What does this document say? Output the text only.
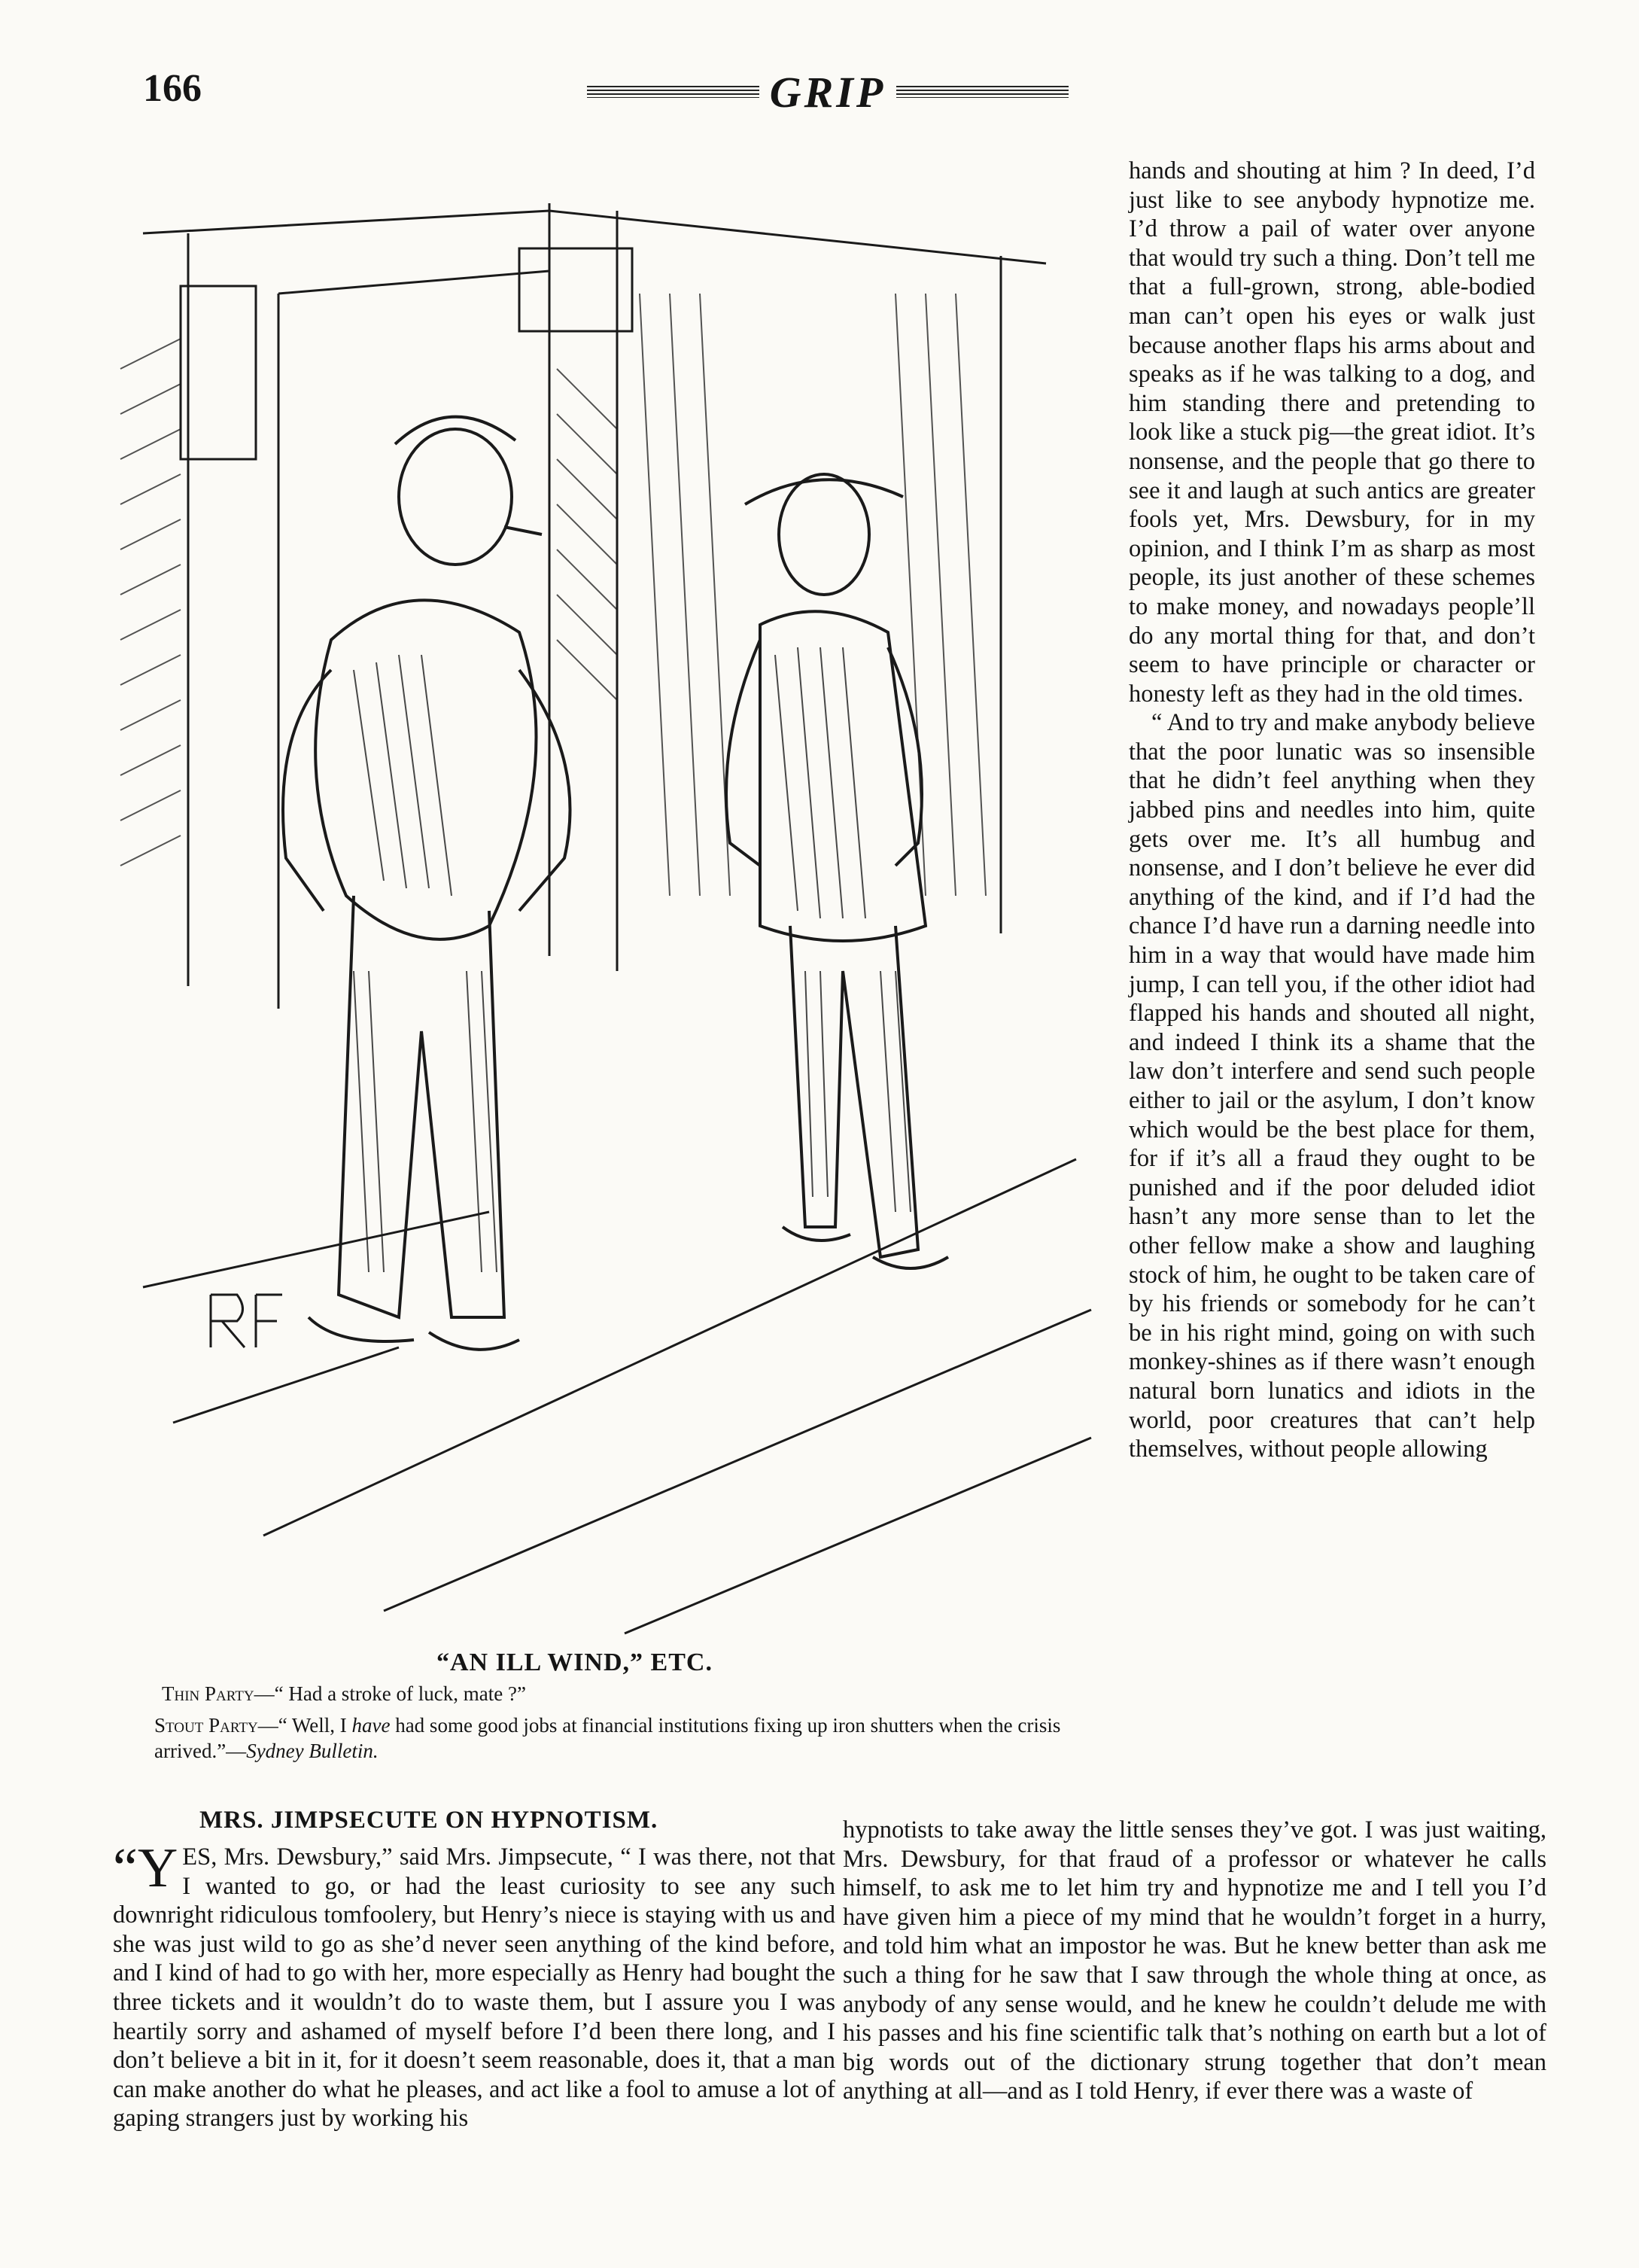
166	GRIP
“AN ILL WIND,” ETC.
Thin Party—“ Had a stroke of luck, mate ?”
Stout Party—“ Well, I have had some good jobs at financial institutions fixing up iron shutters when the crisis arrived.”—Sydney Bulletin.

hands and shouting at him ? In deed, I’d just like to see anybody hypnotize me. I’d throw a pail of water over anyone that would try such a thing. Don’t tell me that a full-grown, strong, able-bodied man can’t open his eyes or walk just because another flaps his arms about and speaks as if he was talking to a dog, and him standing there and pretending to look like a stuck pig—the great idiot. It’s nonsense, and the people that go there to see it and laugh at such antics are greater fools yet, Mrs. Dewsbury, for in my opinion, and I think I’m as sharp as most people, its just another of these schemes to make money, and nowadays people’ll do any mortal thing for that, and don’t seem to have principle or character or honesty left as they had in the old times.

“ And to try and make anybody believe that the poor lunatic was so insensible that he didn’t feel anything when they jabbed pins and needles into him, quite gets over me. It’s all humbug and nonsense, and I don’t believe he ever did anything of the kind, and if I’d had the chance I’d have run a darning needle into him in a way that would have made him jump, I can tell you, if the other idiot had flapped his hands and shouted all night, and indeed I think its a shame that the law don’t interfere and send such people either to jail or the asylum, I don’t know which would be the best place for them, for if it’s all a fraud they ought to be punished and if the poor deluded idiot hasn’t any more sense than to let the other fellow make a show and laughing stock of him, he ought to be taken care of by his friends or somebody for he can’t be in his right mind, going on with such monkey-shines as if there wasn’t enough natural born lunatics and idiots in the world, poor creatures that can’t help themselves, without people allowing

MRS. JIMPSECUTE ON HYPNOTISM.

“YES, Mrs. Dewsbury,” said Mrs. Jimpsecute, “ I was there, not that I wanted to go, or had the least curiosity to see any such downright ridiculous tomfoolery, but Henry’s niece is staying with us and she was just wild to go as she’d never seen anything of the kind before, and I kind of had to go with her, more especially as Henry had bought the three tickets and it wouldn’t do to waste them, but I assure you I was heartily sorry and ashamed of myself before I’d been there long, and I don’t believe a bit in it, for it doesn’t seem reasonable, does it, that a man can make another do what he pleases, and act like a fool to amuse a lot of gaping strangers just by working his

hypnotists to take away the little senses they’ve got. I was just waiting, Mrs. Dewsbury, for that fraud of a professor or whatever he calls himself, to ask me to let him try and hypnotize me and I tell you I’d have given him a piece of my mind that he wouldn’t forget in a hurry, and told him what an impostor he was. But he knew better than ask me such a thing for he saw that I saw through the whole thing at once, as anybody of any sense would, and he knew he couldn’t delude me with his passes and his fine scientific talk that’s nothing on earth but a lot of big words out of the dictionary strung together that don’t mean anything at all—and as I told Henry, if ever there was a waste of
